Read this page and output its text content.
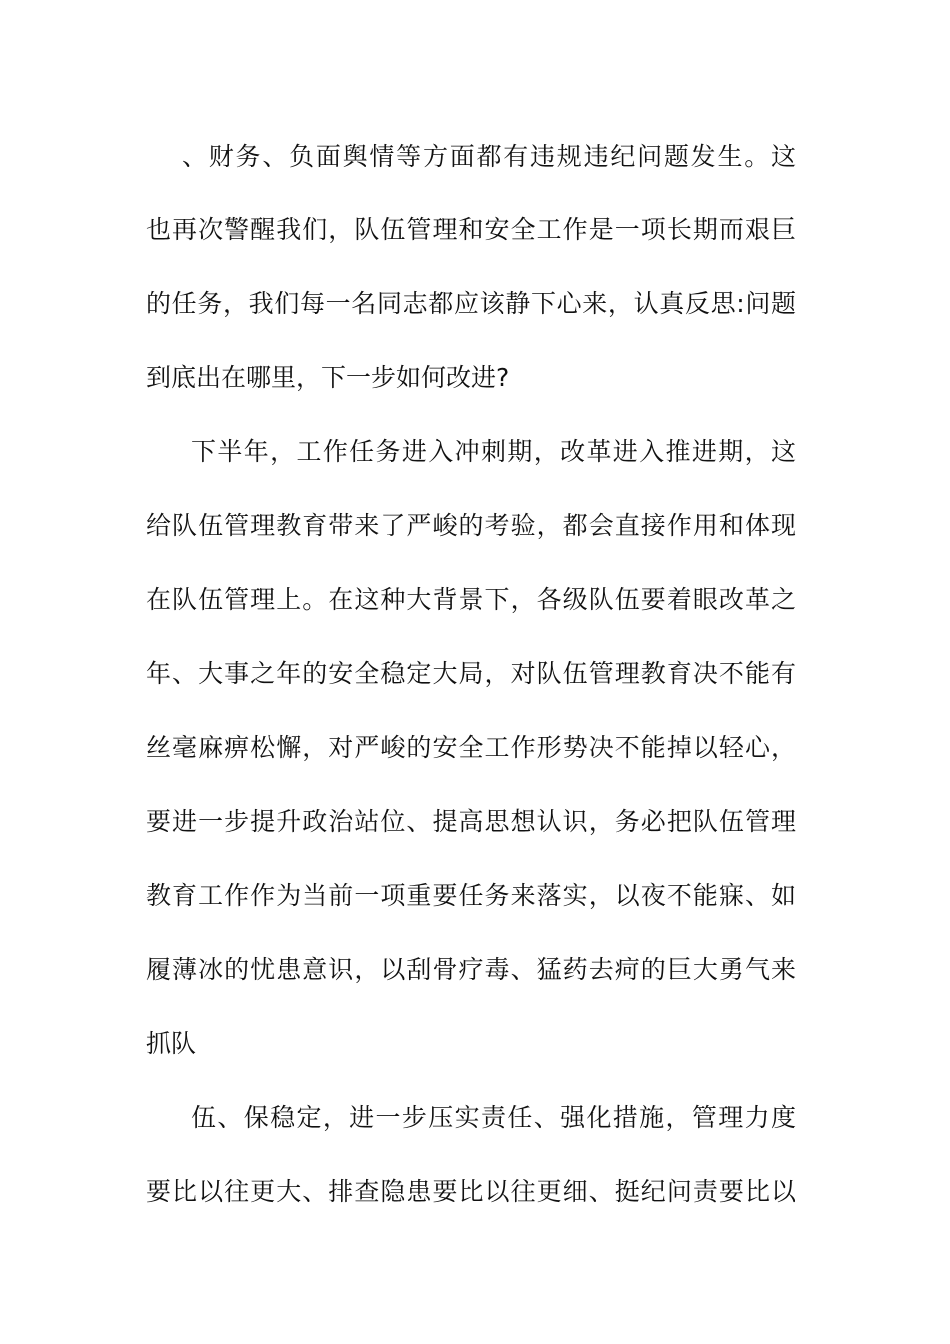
、财务、负面舆情等方面都有违规违纪问题发生。这
也再次警醒我们，队伍管理和安全工作是一项长期而艰巨
的任务，我们每一名同志都应该静下心来，认真反思:问题
到底出在哪里，下一步如何改进?
下半年，工作任务进入冲刺期，改革进入推进期，这
给队伍管理教育带来了严峻的考验，都会直接作用和体现
在队伍管理上。在这种大背景下，各级队伍要着眼改革之
年、大事之年的安全稳定大局，对队伍管理教育决不能有
丝毫麻痹松懈，对严峻的安全工作形势决不能掉以轻心，
要进一步提升政治站位、提高思想认识，务必把队伍管理
教育工作作为当前一项重要任务来落实，以夜不能寐、如
履薄冰的忧患意识，以刮骨疗毒、猛药去疴的巨大勇气来
抓队
伍、保稳定，进一步压实责任、强化措施，管理力度
要比以往更大、排查隐患要比以往更细、挺纪问责要比以
